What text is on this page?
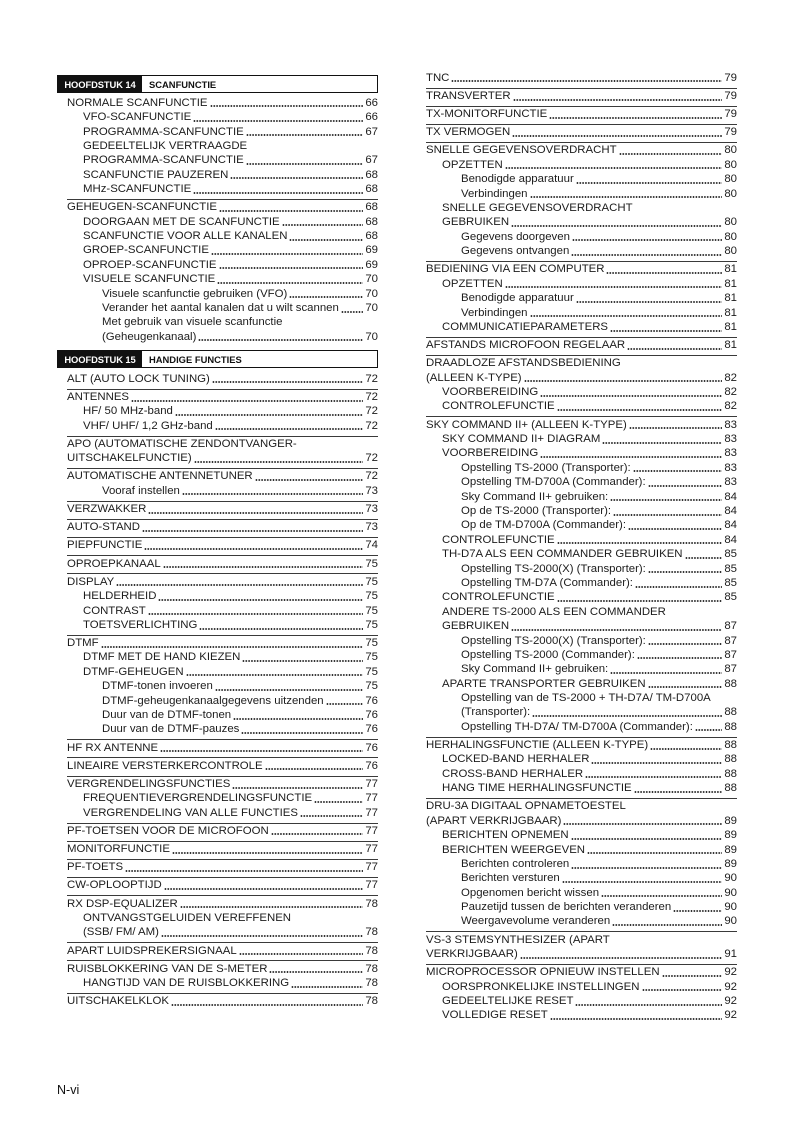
HOOFDSTUK 14	SCANFUNCTIE
NORMALE SCANFUNCTIE	66
VFO-SCANFUNCTIE	66
PROGRAMMA-SCANFUNCTIE	67
GEDEELTELIJK VERTRAAGDE
PROGRAMMA-SCANFUNCTIE	67
SCANFUNCTIE PAUZEREN	68
MHz-SCANFUNCTIE	68
GEHEUGEN-SCANFUNCTIE	68
DOORGAAN MET DE SCANFUNCTIE	68
SCANFUNCTIE VOOR ALLE KANALEN	68
GROEP-SCANFUNCTIE	69
OPROEP-SCANFUNCTIE	69
VISUELE SCANFUNCTIE	70
Visuele scanfunctie gebruiken (VFO)	70
Verander het aantal kanalen dat u wilt scannen 70
Met gebruik van visuele scanfunctie
(Geheugenkanaal)	70
HOOFDSTUK 15	HANDIGE FUNCTIES
ALT (AUTO LOCK TUNING)	72
ANTENNES	72
HF/ 50 MHz-band	72
VHF/ UHF/ 1,2 GHz-band	72
APO (AUTOMATISCHE ZENDONTVANGER-
UITSCHAKELFUNCTIE)	72
AUTOMATISCHE ANTENNETUNER	72
Vooraf instellen	73
VERZWAKKER	73
AUTO-STAND	73
PIEPFUNCTIE	74
OPROEPKANAAL	75
DISPLAY	75
HELDERHEID	75
CONTRAST	75
TOETSVERLICHTING	75
DTMF	75
DTMF MET DE HAND KIEZEN	75
DTMF-GEHEUGEN	75
DTMF-tonen invoeren	75
DTMF-geheugenkanaalgegevens uitzenden	76
Duur van de DTMF-tonen	76
Duur van de DTMF-pauzes	76
HF RX ANTENNE	76
LINEAIRE VERSTERKERCONTROLE	76
VERGRENDELINGSFUNCTIES	77
FREQUENTIEVERGRENDELINGSFUNCTIE	77
VERGRENDELING VAN ALLE FUNCTIES	77
PF-TOETSEN VOOR DE MICROFOON	77
MONITORFUNCTIE	77
PF-TOETS	77
CW-OPLOOPTIJD	77
RX DSP-EQUALIZER	78
ONTVANGSTGELUIDEN VEREFFENEN
(SSB/ FM/ AM)	78
APART LUIDSPREKERSIGNAAL	78
RUISBLOKKERING VAN DE S-METER	78
HANGTIJD VAN DE RUISBLOKKERING	78
UITSCHAKELKLOK	78
TNC	79
TRANSVERTER	79
TX-MONITORFUNCTIE	79
TX VERMOGEN	79
SNELLE GEGEVENSOVERDRACHT	80
OPZETTEN	80
Benodigde apparatuur	80
Verbindingen	80
SNELLE GEGEVENSOVERDRACHT
GEBRUIKEN	80
Gegevens doorgeven	80
Gegevens ontvangen	80
BEDIENING VIA EEN COMPUTER	81
OPZETTEN	81
Benodigde apparatuur	81
Verbindingen	81
COMMUNICATIEPARAMETERS	81
AFSTANDS MICROFOON REGELAAR	81
DRAADLOZE AFSTANDSBEDIENING
(ALLEEN K-TYPE)	82
VOORBEREIDING	82
CONTROLEFUNCTIE	82
SKY COMMAND II+ (ALLEEN K-TYPE)	83
SKY COMMAND II+ DIAGRAM	83
VOORBEREIDING	83
Opstelling TS-2000 (Transporter):	83
Opstelling TM-D700A (Commander):	83
Sky Command II+ gebruiken:	84
Op de TS-2000 (Transporter):	84
Op de TM-D700A (Commander):	84
CONTROLEFUNCTIE	84
TH-D7A ALS EEN COMMANDER GEBRUIKEN	85
Opstelling TS-2000(X) (Transporter):	85
Opstelling TM-D7A (Commander):	85
CONTROLEFUNCTIE	85
ANDERE TS-2000 ALS EEN COMMANDER
GEBRUIKEN	87
Opstelling TS-2000(X) (Transporter):	87
Opstelling TS-2000 (Commander):	87
Sky Command II+ gebruiken:	87
APARTE TRANSPORTER GEBRUIKEN	88
Opstelling van de TS-2000 + TH-D7A/ TM-D700A
(Transporter):	88
Opstelling TH-D7A/ TM-D700A (Commander):	88
HERHALINGSFUNCTIE (ALLEEN K-TYPE)	88
LOCKED-BAND HERHALER	88
CROSS-BAND HERHALER	88
HANG TIME HERHALINGSFUNCTIE	88
DRU-3A DIGITAAL OPNAMETOESTEL
(APART VERKRIJGBAAR)	89
BERICHTEN OPNEMEN	89
BERICHTEN WEERGEVEN	89
Berichten controleren	89
Berichten versturen	90
Opgenomen bericht wissen	90
Pauzetijd tussen de berichten veranderen	90
Weergavevolume veranderen	90
VS-3 STEMSYNTHESIZER (APART
VERKRIJGBAAR)	91
MICROPROCESSOR OPNIEUW INSTELLEN	92
OORSPRONKELIJKE INSTELLINGEN	92
GEDEELTELIJKE RESET	92
VOLLEDIGE RESET	92
N-vi
